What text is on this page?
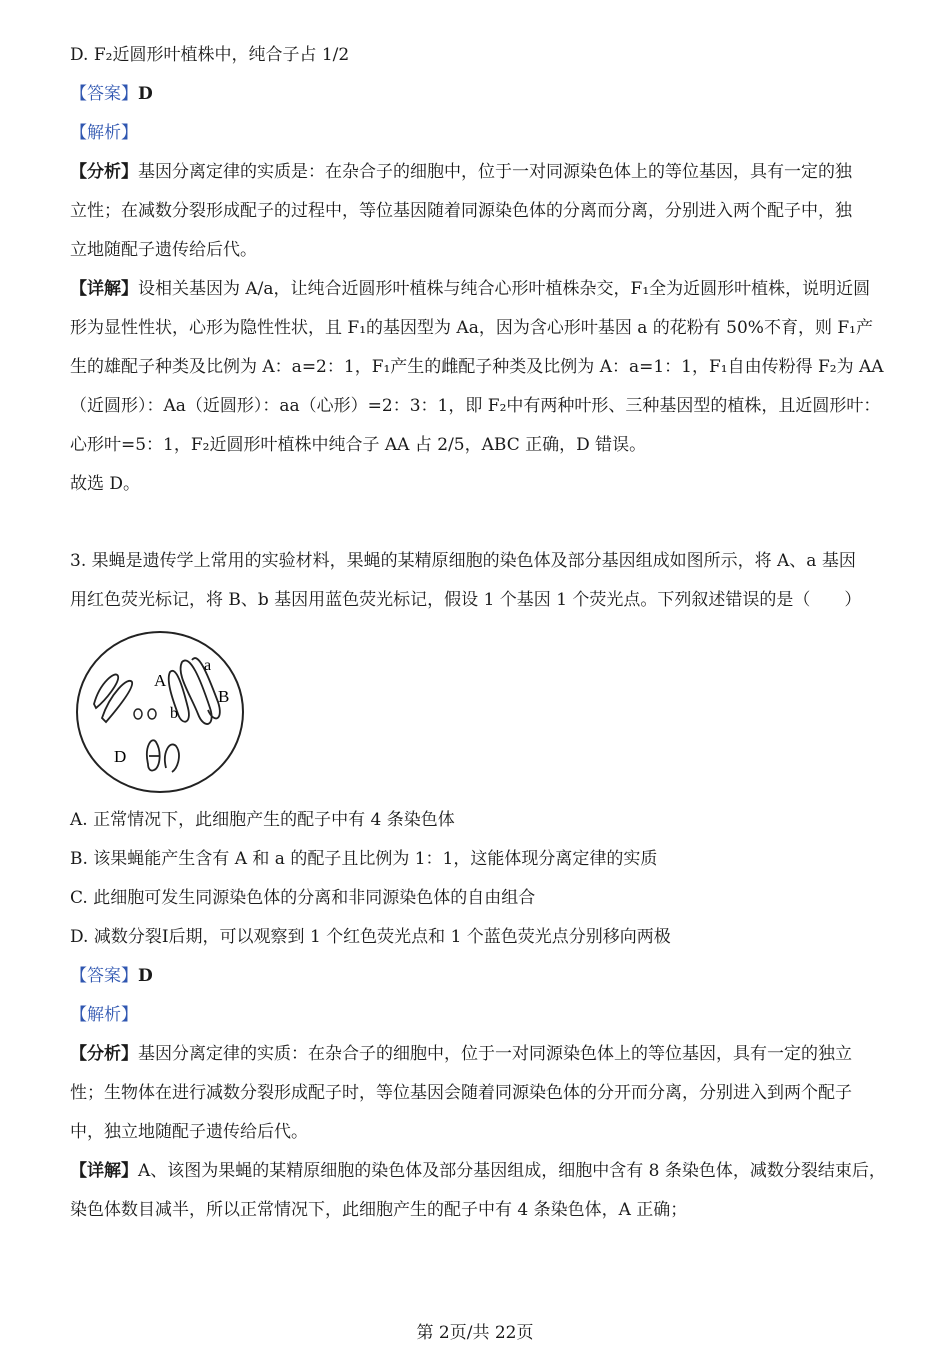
D. F₂近圆形叶植株中，纯合子占 1/2
【答案】D
【解析】
【分析】基因分离定律的实质是：在杂合子的细胞中，位于一对同源染色体上的等位基因，具有一定的独
立性；在减数分裂形成配子的过程中，等位基因随着同源染色体的分离而分离，分别进入两个配子中，独
立地随配子遗传给后代。
【详解】设相关基因为 A/a，让纯合近圆形叶植株与纯合心形叶植株杂交，F₁全为近圆形叶植株，说明近圆
形为显性性状，心形为隐性性状，且 F₁的基因型为 Aa，因为含心形叶基因 a 的花粉有 50%不育，则 F₁产
生的雄配子种类及比例为 A：a=2：1，F₁产生的雌配子种类及比例为 A：a=1：1，F₁自由传粉得 F₂为 AA
（近圆形）：Aa（近圆形）：aa（心形）=2：3：1，即 F₂中有两种叶形、三种基因型的植株，且近圆形叶：
心形叶=5：1，F₂近圆形叶植株中纯合子 AA 占 2/5，ABC 正确，D 错误。
故选 D。
3. 果蝇是遗传学上常用的实验材料，果蝇的某精原细胞的染色体及部分基因组成如图所示，将 A、a 基因
用红色荧光标记，将 B、b 基因用蓝色荧光标记，假设 1 个基因 1 个荧光点。下列叙述错误的是（　　）
A
a
B
b
D
A. 正常情况下，此细胞产生的配子中有 4 条染色体
B. 该果蝇能产生含有 A 和 a 的配子且比例为 1：1，这能体现分离定律的实质
C. 此细胞可发生同源染色体的分离和非同源染色体的自由组合
D. 减数分裂Ⅰ后期，可以观察到 1 个红色荧光点和 1 个蓝色荧光点分别移向两极
【答案】D
【解析】
【分析】基因分离定律的实质：在杂合子的细胞中，位于一对同源染色体上的等位基因，具有一定的独立
性；生物体在进行减数分裂形成配子时，等位基因会随着同源染色体的分开而分离，分别进入到两个配子
中，独立地随配子遗传给后代。
【详解】A、该图为果蝇的某精原细胞的染色体及部分基因组成，细胞中含有 8 条染色体，减数分裂结束后，
染色体数目减半，所以正常情况下，此细胞产生的配子中有 4 条染色体，A 正确；
第 2页/共 22页
